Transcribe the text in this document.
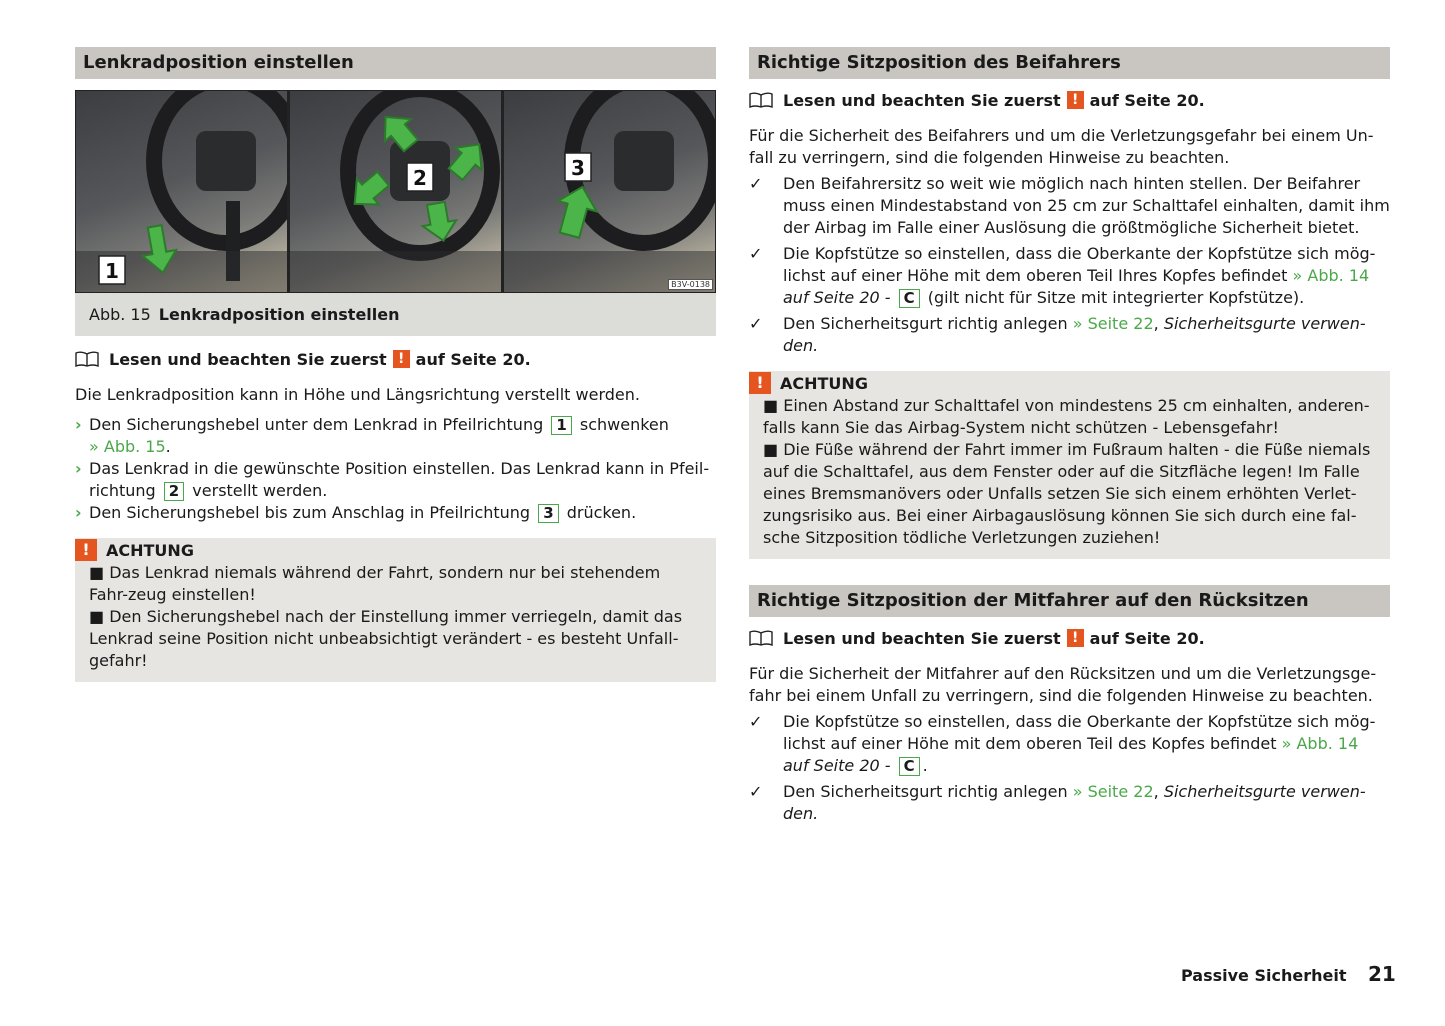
Lenkradposition einstellen
1
2	3
B3V-0138
Abb. 15 Lenkradposition einstellen
Lesen und beachten Sie zuerst ! auf Seite 20.
Die Lenkradposition kann in Höhe und Längsrichtung verstellt werden.
› Den Sicherungshebel unter dem Lenkrad in Pfeilrichtung 1 schwenken
» Abb. 15.
› Das Lenkrad in die gewünschte Position einstellen. Das Lenkrad kann in Pfeil-richtung 2 verstellt werden.
› Den Sicherungshebel bis zum Anschlag in Pfeilrichtung 3 drücken.
!	ACHTUNG
■ Das Lenkrad niemals während der Fahrt, sondern nur bei stehendem Fahr-zeug einstellen!
■ Den Sicherungshebel nach der Einstellung immer verriegeln, damit das Lenkrad seine Position nicht unbeabsichtigt verändert - es besteht Unfall-gefahr!
Richtige Sitzposition des Beifahrers
Lesen und beachten Sie zuerst ! auf Seite 20.
Für die Sicherheit des Beifahrers und um die Verletzungsgefahr bei einem Un-fall zu verringern, sind die folgenden Hinweise zu beachten.
✓	Den Beifahrersitz so weit wie möglich nach hinten stellen. Der Beifahrer muss einen Mindestabstand von 25 cm zur Schalttafel einhalten, damit ihm der Airbag im Falle einer Auslösung die größtmögliche Sicherheit bietet.
✓	Die Kopfstütze so einstellen, dass die Oberkante der Kopfstütze sich mög-lichst auf einer Höhe mit dem oberen Teil Ihres Kopfes befindet » Abb. 14
auf Seite 20 - C (gilt nicht für Sitze mit integrierter Kopfstütze).
✓	Den Sicherheitsgurt richtig anlegen » Seite 22, Sicherheitsgurte verwen-den.
!	ACHTUNG
■ Einen Abstand zur Schalttafel von mindestens 25 cm einhalten, anderen-falls kann Sie das Airbag-System nicht schützen - Lebensgefahr!
■ Die Füße während der Fahrt immer im Fußraum halten - die Füße niemals auf die Schalttafel, aus dem Fenster oder auf die Sitzfläche legen! Im Falle eines Bremsmanövers oder Unfalls setzen Sie sich einem erhöhten Verlet-zungsrisiko aus. Bei einer Airbagauslösung können Sie sich durch eine fal-sche Sitzposition tödliche Verletzungen zuziehen!
Richtige Sitzposition der Mitfahrer auf den Rücksitzen
Lesen und beachten Sie zuerst ! auf Seite 20.
Für die Sicherheit der Mitfahrer auf den Rücksitzen und um die Verletzungsge-fahr bei einem Unfall zu verringern, sind die folgenden Hinweise zu beachten.
✓	Die Kopfstütze so einstellen, dass die Oberkante der Kopfstütze sich mög-lichst auf einer Höhe mit dem oberen Teil des Kopfes befindet » Abb. 14
auf Seite 20 - C .
✓	Den Sicherheitsgurt richtig anlegen » Seite 22, Sicherheitsgurte verwen-den.
Passive Sicherheit 21
